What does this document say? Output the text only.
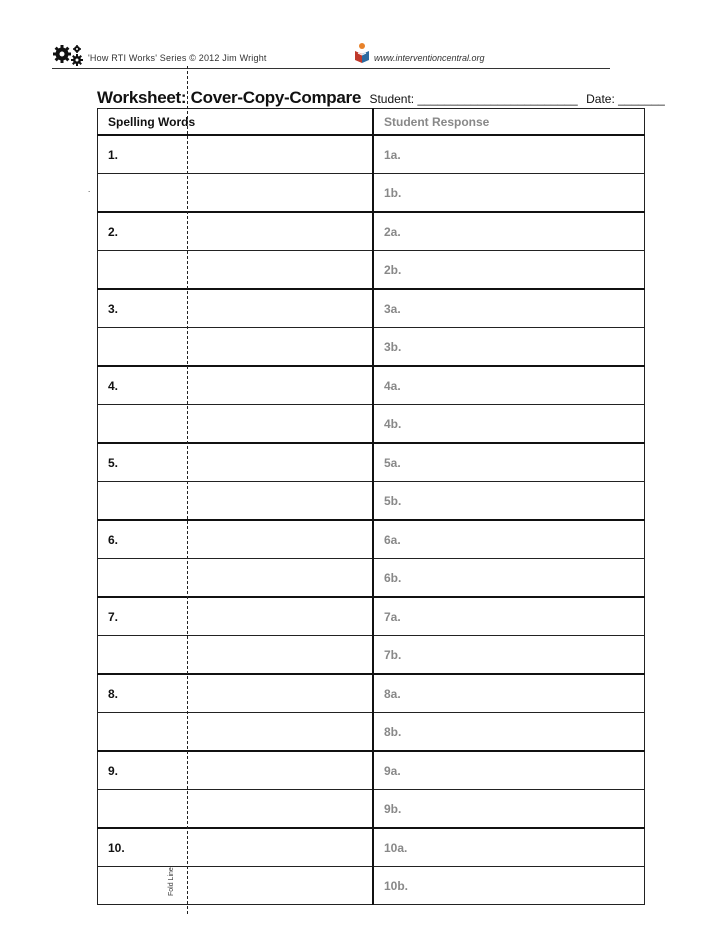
'How RTI Works' Series © 2012 Jim Wright	www.interventioncentral.org
Worksheet: Cover-Copy-Compare Student: ________________________ Date: _______
Spelling Words	Student Response
1.	1a.
	1b.
2.	2a.
	2b.
3.	3a.
	3b.
4.	4a.
	4b.
5.	5a.
	5b.
6.	6a.
	6b.
7.	7a.
	7b.
8.	8a.
	8b.
9.	9a.
	9b.
10.	10a.
	10b.
Fold Line
.
